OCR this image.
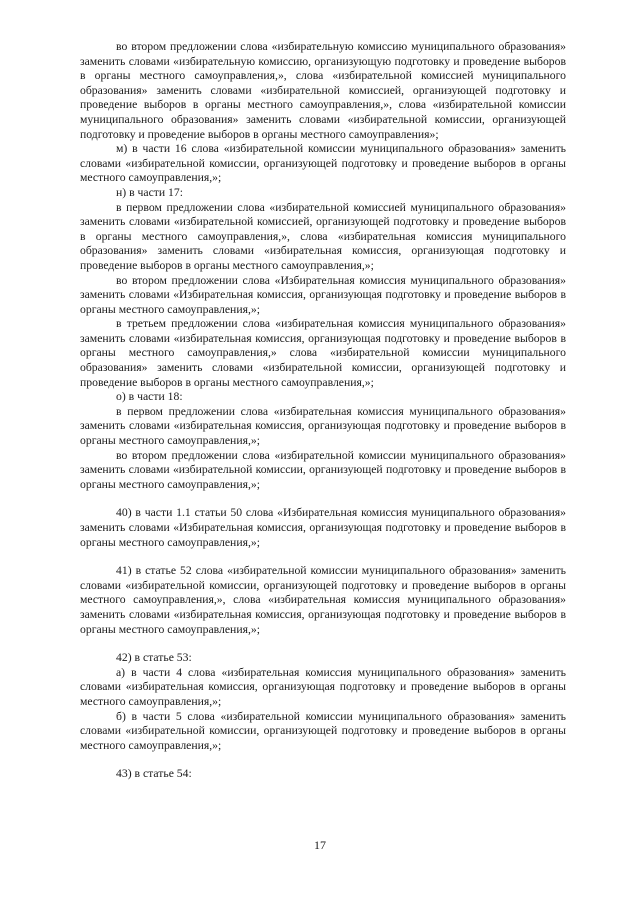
во втором предложении слова «избирательную комиссию муниципального образования» заменить словами «избирательную комиссию, организующую подготовку и проведение выборов в органы местного самоуправления,», слова «избирательной комиссией муниципального образования» заменить словами «избирательной комиссией, организующей подготовку и проведение выборов в органы местного самоуправления,», слова «избирательной комиссии муниципального образования» заменить словами «избирательной комиссии, организующей подготовку и проведение выборов в органы местного самоуправления»;

м) в части 16 слова «избирательной комиссии муниципального образования» заменить словами «избирательной комиссии, организующей подготовку и проведение выборов в органы местного самоуправления,»;

н) в части 17:

в первом предложении слова «избирательной комиссией муниципального образования» заменить словами «избирательной комиссией, организующей подготовку и проведение выборов в органы местного самоуправления,», слова «избирательная комиссия муниципального образования» заменить словами «избирательная комиссия, организующая подготовку и проведение выборов в органы местного самоуправления,»;

во втором предложении слова «Избирательная комиссия муниципального образования» заменить словами «Избирательная комиссия, организующая подготовку и проведение выборов в органы местного самоуправления,»;

в третьем предложении слова «избирательная комиссия муниципального образования» заменить словами «избирательная комиссия, организующая подготовку и проведение выборов в органы местного самоуправления,» слова «избирательной комиссии муниципального образования» заменить словами «избирательной комиссии, организующей подготовку и проведение выборов в органы местного самоуправления,»;

о) в части 18:

в первом предложении слова «избирательная комиссия муниципального образования» заменить словами «избирательная комиссия, организующая подготовку и проведение выборов в органы местного самоуправления,»;

во втором предложении слова «избирательной комиссии муниципального образования» заменить словами «избирательной комиссии, организующей подготовку и проведение выборов в органы местного самоуправления,»;

40) в части 1.1 статьи 50 слова «Избирательная комиссия муниципального образования» заменить словами «Избирательная комиссия, организующая подготовку и проведение выборов в органы местного самоуправления,»;

41) в статье 52 слова «избирательной комиссии муниципального образования» заменить словами «избирательной комиссии, организующей подготовку и проведение выборов в органы местного самоуправления,», слова «избирательная комиссия муниципального образования» заменить словами «избирательная комиссия, организующая подготовку и проведение выборов в органы местного самоуправления,»;

42) в статье 53:

а) в части 4 слова «избирательная комиссия муниципального образования» заменить словами «избирательная комиссия, организующая подготовку и проведение выборов в органы местного самоуправления,»;

б) в части 5 слова «избирательной комиссии муниципального образования» заменить словами «избирательной комиссии, организующей подготовку и проведение выборов в органы местного самоуправления,»;

43) в статье 54:

17
